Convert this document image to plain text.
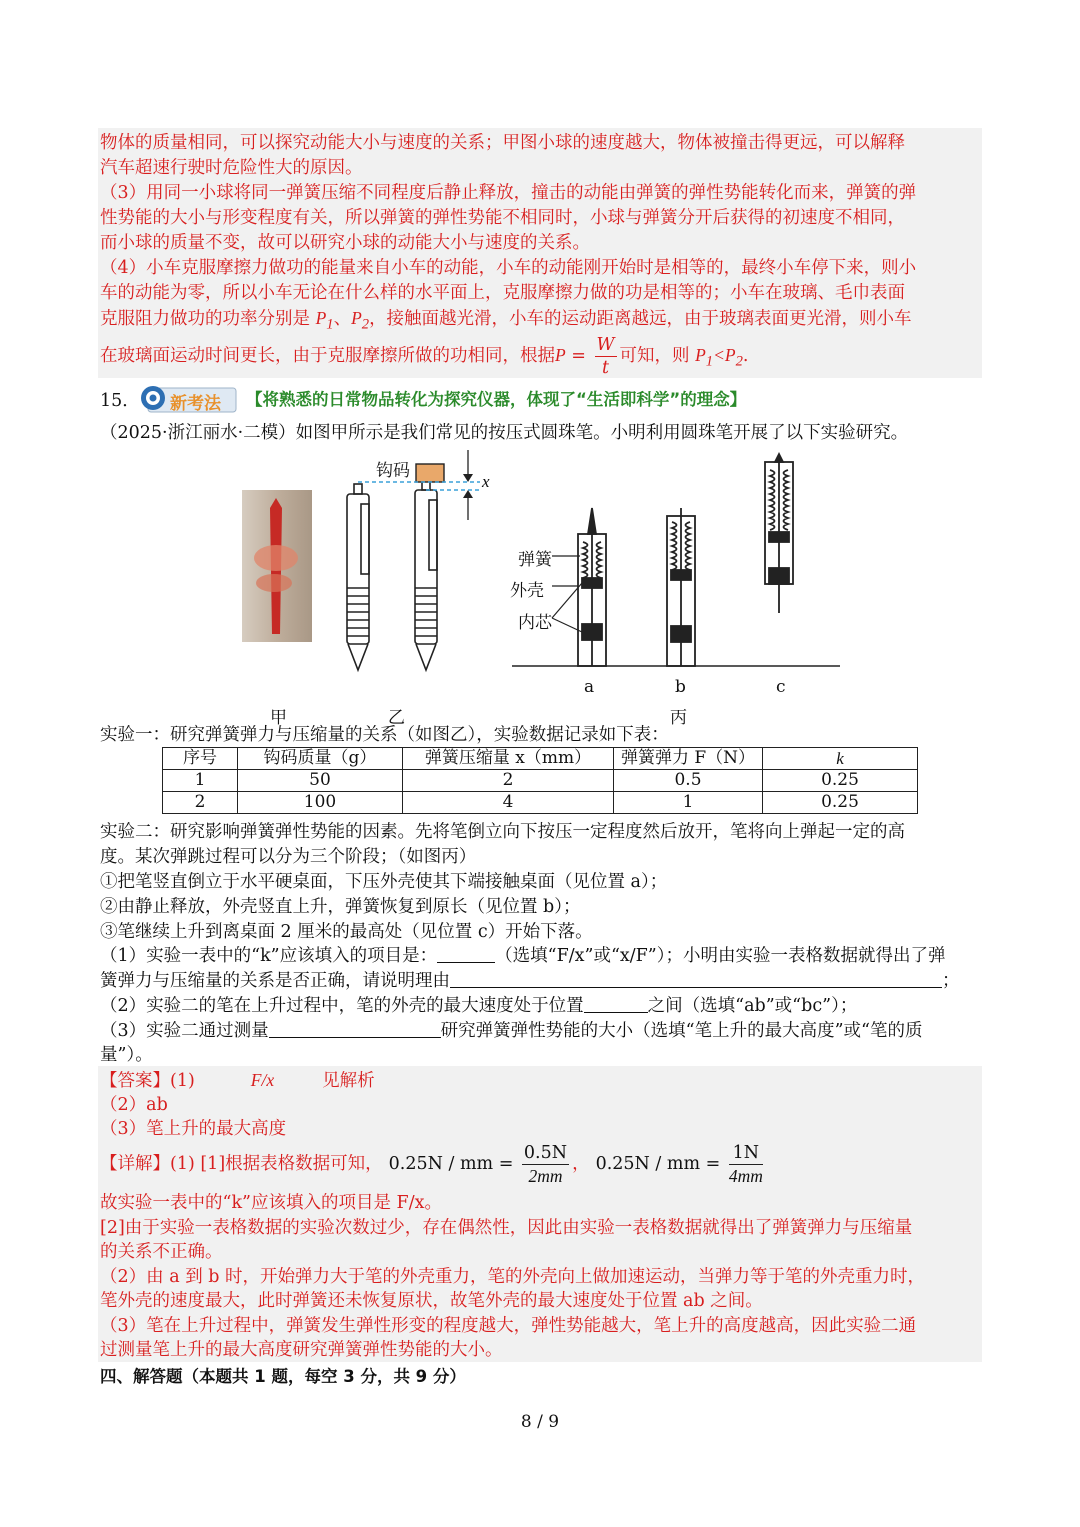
物体的质量相同，可以探究动能大小与速度的关系；甲图小球的速度越大，物体被撞击得更远，可以解释
汽车超速行驶时危险性大的原因。
（3）用同一小球将同一弹簧压缩不同程度后静止释放，撞击的动能由弹簧的弹性势能转化而来，弹簧的弹
性势能的大小与形变程度有关，所以弹簧的弹性势能不相同时，小球与弹簧分开后获得的初速度不相同，
而小球的质量不变，故可以研究小球的动能大小与速度的关系。
（4）小车克服摩擦力做功的能量来自小车的动能，小车的动能刚开始时是相等的，最终小车停下来，则小
车的动能为零，所以小车无论在什么样的水平面上，克服摩擦力做的功是相等的；小车在玻璃、毛巾表面
克服阻力做功的功率分别是 $P_1$、$P_2$，接触面越光滑，小车的运动距离越远，由于玻璃表面更光滑，则小车
在玻璃面运动时间更长，由于克服摩擦所做的功相同，根据$P = \frac{W}{t}$ 可知，则 $P_1<P_2$.
15． 新考法 【将熟悉的日常物品转化为探究仪器，体现了“生活即科学”的理念】
（2025·浙江丽水·二模）如图甲所示是我们常见的按压式圆珠笔。小明利用圆珠笔开展了以下实验研究。
钩码
x
弹簧
外壳
内芯
a	b	c
甲	乙	丙
实验一：研究弹簧弹力与压缩量的关系（如图乙），实验数据记录如下表：
序号	钩码质量（g）	弹簧压缩量 x（mm）	弹簧弹力 F（N）	k
1	50	2	0.5	0.25
2	100	4	1	0.25
实验二：研究影响弹簧弹性势能的因素。先将笔倒立向下按压一定程度然后放开，笔将向上弹起一定的高
度。某次弹跳过程可以分为三个阶段；（如图丙）
①把笔竖直倒立于水平硬桌面，下压外壳使其下端接触桌面（见位置 a）；
②由静止释放，外壳竖直上升，弹簧恢复到原长（见位置 b）；
③笔继续上升到离桌面 2 厘米的最高处（见位置 c）开始下落。
（1）实验一表中的“k”应该填入的项目是：	（选填“F/x”或“x/F”）；小明由实验一表格数据就得出了弹
簧弹力与压缩量的关系是否正确，请说明理由	；
（2）实验二的笔在上升过程中，笔的外壳的最大速度处于位置	之间（选填“ab”或“bc”）；
（3）实验二通过测量	研究弹簧弹性势能的大小（选填“笔上升的最大高度”或“笔的质
量”）。
【答案】(1)	F/x	见解析
（2）ab
（3）笔上升的最大高度
【详解】(1) [1]根据表格数据可知， 0.25N / mm = $\frac{0.5N}{2mm}$ ， 0.25N / mm = $\frac{1N}{4mm}$
故实验一表中的“k”应该填入的项目是 F/x。
[2]由于实验一表格数据的实验次数过少，存在偶然性，因此由实验一表格数据就得出了弹簧弹力与压缩量
的关系不正确。
（2）由 a 到 b 时，开始弹力大于笔的外壳重力，笔的外壳向上做加速运动，当弹力等于笔的外壳重力时，
笔外壳的速度最大，此时弹簧还未恢复原状，故笔外壳的最大速度处于位置 ab 之间。
（3）笔在上升过程中，弹簧发生弹性形变的程度越大，弹性势能越大，笔上升的高度越高，因此实验二通
过测量笔上升的最大高度研究弹簧弹性势能的大小。
四、解答题（本题共 1 题，每空 3 分，共 9 分）
8 / 9
